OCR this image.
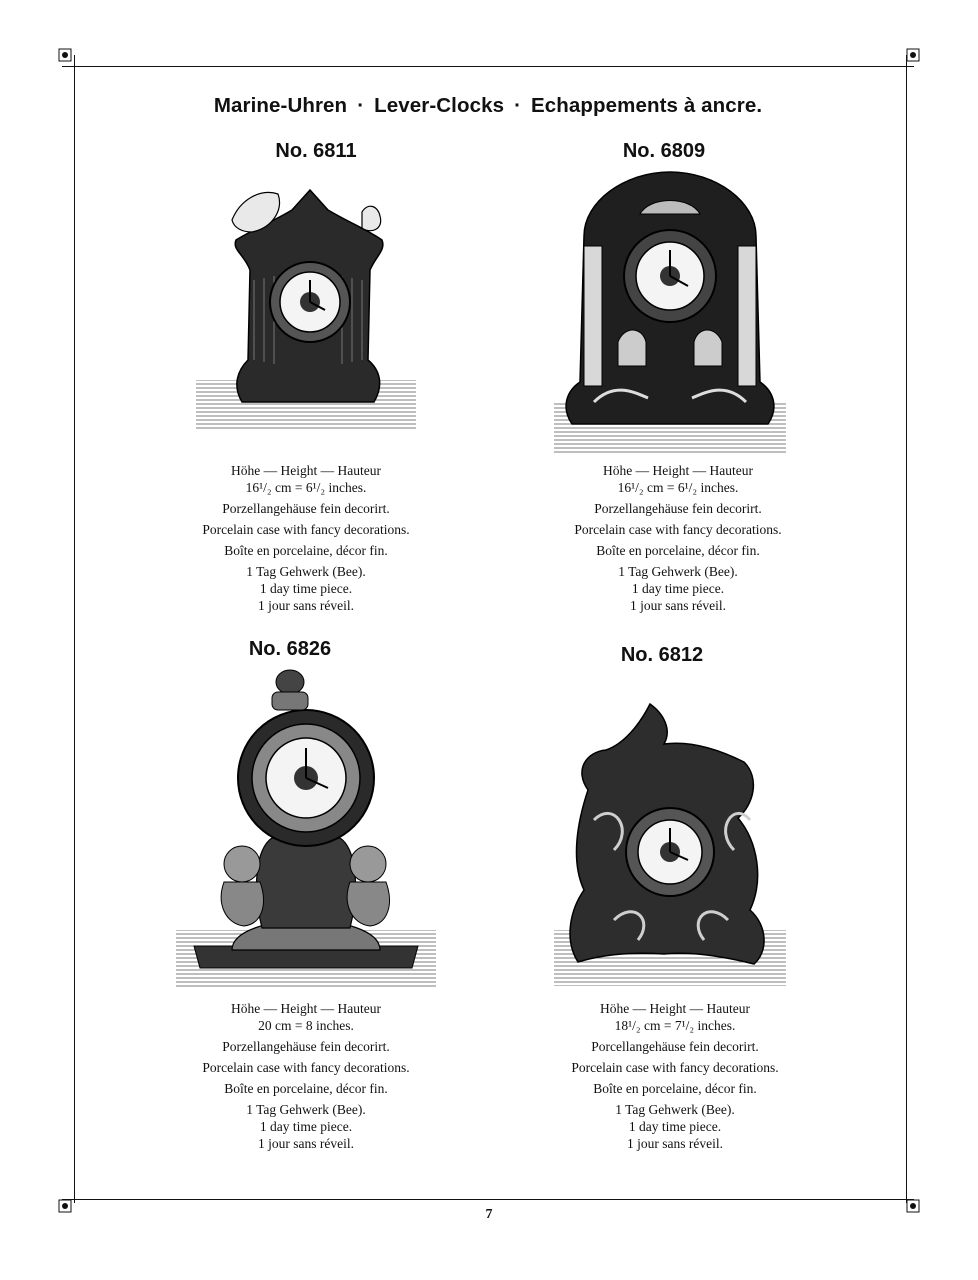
Marine-Uhren · Lever-Clocks · Echappements à ancre.
No. 6811
Höhe — Height — Hauteur
16¹/₂ cm = 6¹/₂ inches.
Porzellangehäuse fein decorirt.
Porcelain case with fancy decorations.
Boîte en porcelaine, décor fin.
1 Tag Gehwerk (Bee).
1 day time piece.
1 jour sans réveil.
No. 6809
Höhe — Height — Hauteur
16¹/₂ cm = 6¹/₂ inches.
Porzellangehäuse fein decorirt.
Porcelain case with fancy decorations.
Boîte en porcelaine, décor fin.
1 Tag Gehwerk (Bee).
1 day time piece.
1 jour sans réveil.
No. 6826
Höhe — Height — Hauteur
20 cm = 8 inches.
Porzellangehäuse fein decorirt.
Porcelain case with fancy decorations.
Boîte en porcelaine, décor fin.
1 Tag Gehwerk (Bee).
1 day time piece.
1 jour sans réveil.
No. 6812
Höhe — Height — Hauteur
18¹/₂ cm = 7¹/₂ inches.
Porcellangehäuse fein decorirt.
Porcelain case with fancy decorations.
Boîte en porcelaine, décor fin.
1 Tag Gehwerk (Bee).
1 day time piece.
1 jour sans réveil.
7
